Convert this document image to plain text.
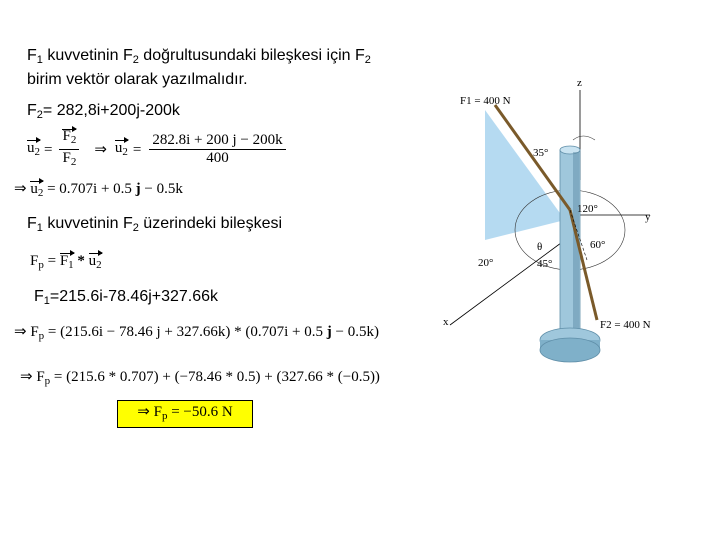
$F_1$ kuvvetinin $F_2$ doğrultusundaki bileşkesi için $F_2$
birim vektör olarak yazılmalıdır.
$F_2= 282,8i+200j-200k$
$u_2 = \frac{F_2}{F_2}$ ⇒ $u_2 = \frac{282.8i + 200 j - 200k}{400}$
⇒ $u_2 = 0.707i + 0.5$ j − 0.5k
$F_1$ kuvvetinin $F_2$ üzerindeki bileşkesi
$F_p = F_1 * u_2$
$F_1=215.6i-78.46j+327.66k$
⇒ $F_p = (215.6i - 78.46$ j + 327.66k) * (0.707i + 0.5 j − 0.5k)
⇒ $F_p = (215.6 * 0.707) + (-78.46 * 0.5) + (327.66 * (-0.5))$
⇒ $F_p = -50.6$ N
z
y
x
F1 = 400 N
F2 = 400 N
35°
120°
60°
θ
20°	45°
